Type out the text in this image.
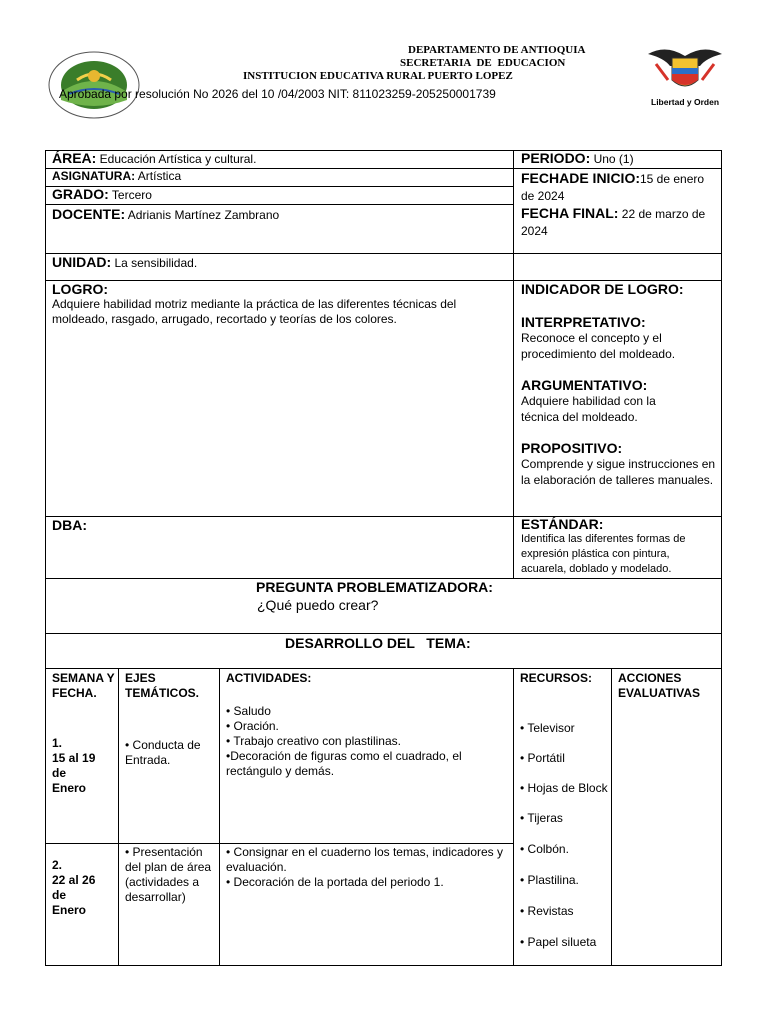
DEPARTAMENTO DE ANTIOQUIA
SECRETARIA DE EDUCACION
INSTITUCION EDUCATIVA RURAL PUERTO LOPEZ
Aprobada por resolución No 2026 del 10 /04/2003 NIT: 811023259-205250001739
Libertad y Orden
ÁREA: Educación Artística y cultural.
ASIGNATURA: Artística
GRADO: Tercero
DOCENTE: Adrianis Martínez Zambrano
PERIODO: Uno (1)
FECHADE INICIO:15 de enero de 2024
FECHA FINAL: 22 de marzo de 2024
UNIDAD: La sensibilidad.
LOGRO:
Adquiere habilidad motriz mediante la práctica de las diferentes técnicas del moldeado, rasgado, arrugado, recortado y teorías de los colores.
INDICADOR DE LOGRO:
INTERPRETATIVO:
Reconoce el concepto y el procedimiento del moldeado.
ARGUMENTATIVO:
Adquiere habilidad con la técnica del moldeado.
PROPOSITIVO:
Comprende y sigue instrucciones en la elaboración de talleres manuales.
DBA:	ESTÁNDAR:
Identifica las diferentes formas de expresión plástica con pintura, acuarela, doblado y modelado.
PREGUNTA PROBLEMATIZADORA:
¿Qué puedo crear?
DESARROLLO DEL   TEMA:
SEMANA Y FECHA.
EJES TEMÁTICOS.
ACTIVIDADES:	RECURSOS: ACCIONES EVALUATIVAS
1.
15 al 19
de
Enero
• Conducta de Entrada.
• Saludo
• Oración.
• Trabajo creativo con plastilinas.
•Decoración de figuras como el cuadrado, el rectángulo y demás.
2.
22 al 26
de
Enero
• Presentación del plan de área (actividades a desarrollar)
• Consignar en el cuaderno los temas, indicadores y evaluación.
• Decoración de la portada del periodo 1.
• Televisor
• Portátil
• Hojas de Block
• Tijeras
• Colbón.
• Plastilina.
• Revistas
• Papel silueta
